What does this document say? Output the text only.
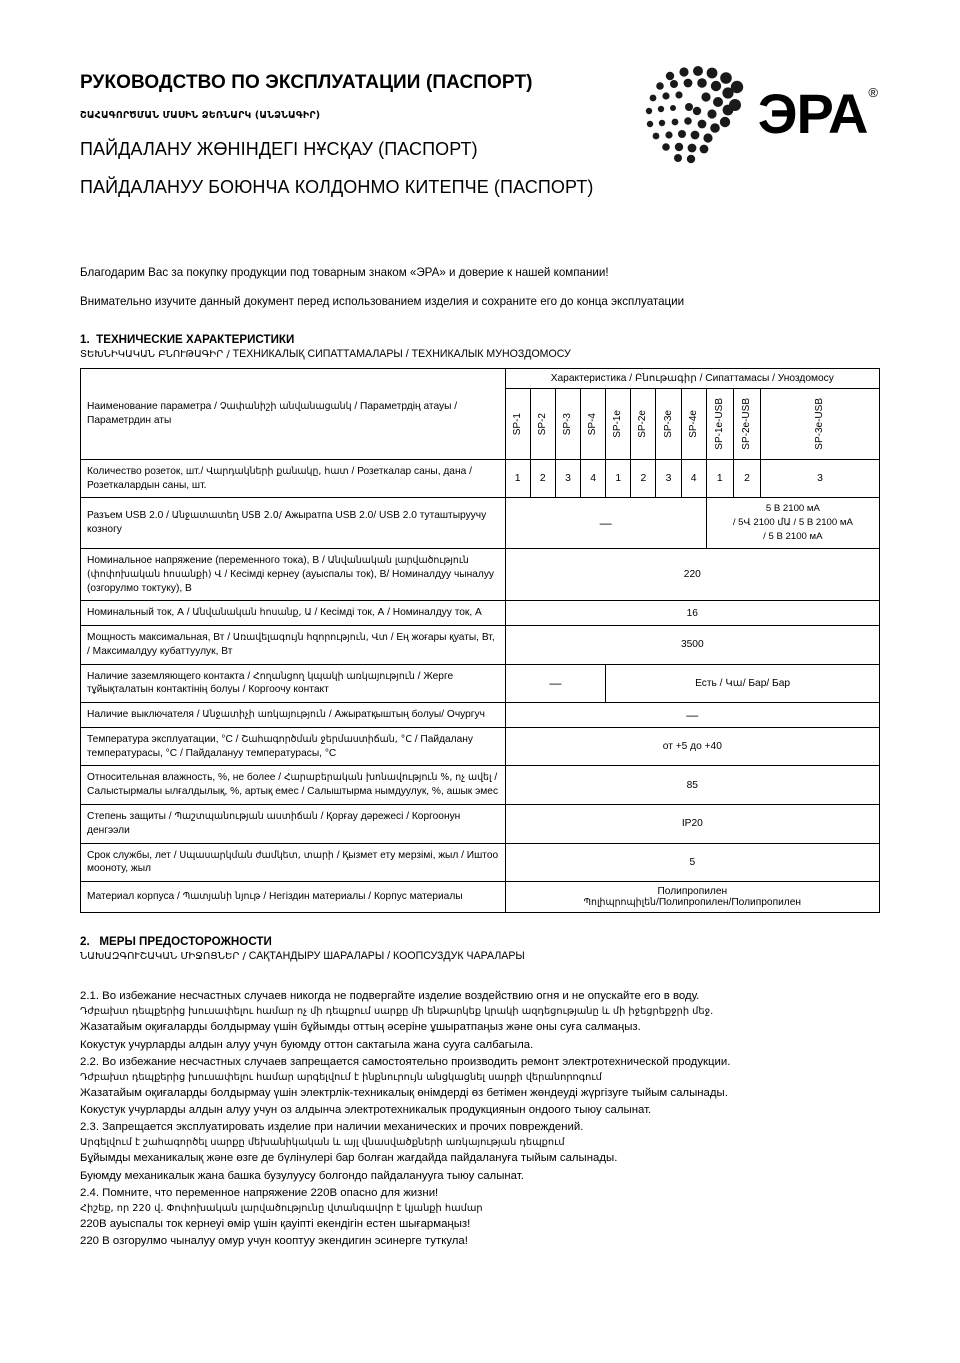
РУКОВОДСТВО ПО ЭКСПЛУАТАЦИИ (ПАСПОРТ)
ՇԱՀԱԳՈՐԾՄԱՆ ՄԱՍԻՆ ՁԵՌՆԱՐԿ (ԱՆՁՆԱԳԻՐ)
ПАЙДАЛАНУ ЖӨНІНДЕГІ НҰСҚАУ (ПАСПОРТ)
ПАЙДАЛАНУУ БОЮНЧА КОЛДОНМО КИТЕПЧЕ (ПАСПОРТ)
ЭРА®

Благодарим Вас за покупку продукции под товарным знаком «ЭРА» и доверие к нашей компании!

Внимательно изучите данный документ перед использованием изделия и сохраните его до конца эксплуатации

1. ТЕХНИЧЕСКИЕ ХАРАКТЕРИСТИКИ
ՏԵԽՆԻԿԱԿԱՆ ԲՆՈՒԹԱԳԻՐ / ТЕХНИКАЛЫҚ СИПАТТАМАЛАРЫ / ТЕХНИКАЛЫК МУНОЗДОМОСУ
Наименование параметра / Չափանիշի անվանացանկ / Параметрдің атауы / Параметрдин аты	Характеристика / Բնութագիր / Сипаттамасы / Уноздомосу										

	SP-1	SP-2	SP-3	SP-4	SP-1e	SP-2e	SP-3e	SP-4e	SP-1e-USB	SP-2e-USB	SP-3e-USB

Количество розеток, шт./ Վարդակների քանակը, հատ / Розеткалар саны, дана / Розеткалардын саны, шт.	1	2	3	4	1	2	3	4	1	2	3
Разъем USB 2.0 / Անջատատեղ USB 2.0/ Ажыратпа USB 2.0/ USB 2.0 туташтыруучу козногу	—								5 В 2100 мА
/ 5Վ 2100 մԱ / 5 B 2100 мА
/ 5 В 2100 мА		

Номинальное напряжение (переменного тока), В / Անվանական լարվածություն (փոփոխական հոսանքի) Վ / Кесімді кернеу (ауыспалы ток), В/ Номиналдуу чыналуу (озгорулмо токтуку), В	220										
Номинальный ток, А / Անվանական հոսանք, Ա / Кесімді ток, А / Номиналдуу ток, А	16										
Мощность максимальная, Вт / Առավելագույն հզորություն, Վտ / Ең жоғары қуаты, Вт, / Максималдуу кубаттуулук, Вт	3500										
Наличие заземляющего контакта / Հողանցող կպակի առկայություն / Жерге тұйықталатын контактінің болуы / Коргоочу контакт	—				Есть / Կա/ Бар/ Бар						
Наличие выключателя / Անջատիչի առկայություն / Ажыратқыштың болуы/ Очургуч	—										
Температура эксплуатации, °С / Շահագործման ջերմաստիճան, °С / Пайдалану температурасы, °С / Пайдалануу температурасы, °С	от +5 до +40										
Относительная влажность, %, не более / Հարաբերական խոնավություն %, ոչ ավել / Салыстырмалы ылғалдылық, %, артық емес / Салыштырма нымдуулук, %, ашык эмес	85										
Степень защиты / Պաշտպանության աստիճան / Қорғау дәрежесі / Коргоонун денгээли	IP20										
Срок службы, лет / Սպասարկման ժամկետ, տարի / Қызмет ету мерзімі, жыл / Иштоо мооноту, жыл	5										
Материал корпуса / Պատյանի նյութ / Негіздин материалы / Корпус материалы	Полипропилен
Պոլիպրոպիլեն/Полипропилен/Полипропилен										
2. МЕРЫ ПРЕДОСТОРОЖНОСТИ
ՆԱԽԱԶԳՈՒՇԱԿԱՆ ՄԻՋՈՑՆԵՐ / САҚТАНДЫРУ ШАРАЛАРЫ / КООПСУЗДУК ЧАРАЛАРЫ

2.1. Во избежание несчастных случаев никогда не подвергайте изделие воздействию огня и не опускайте его в воду.

Դժբախտ դեպքերից խուսափելու համար ոչ մի դեպքում սարքը մի ենթարկեք կրակի ազդեցությանը և մի իջեցրեքջրի մեջ.

Жазатайым оқиғаларды болдырмау үшін бұйымды оттың әсеріне ұшыратпаңыз және оны суға салмаңыз.

Кокустук учурларды алдын алуу учун буюмду оттон сактагыла жана сууга салбагыла.

2.2. Во избежание несчастных случаев запрещается самостоятельно производить ремонт электротехнической продукции.

Դժբախտ դեպքերից խուսափելու համար արգելվում է ինքնուրույն անցկացնել սարքի վերանորոգում

Жазатайым оқиғаларды болдырмау үшін электрлік-техникалық өнімдерді өз бетімен жөндеуді жүргізуге тыйым салынады.

Кокустук учурларды алдын алуу учун оз алдынча электротехникалык продукциянын ондоого тыюу салынат.

2.3. Запрещается эксплуатировать изделие при наличии механических и прочих повреждений.

Արգելվում է շահագործել սարքը մեխանիկական և այլ վնասվածքների առկայության դեպքում

Бұйымды механикалық және өзге де бүлінулері бар болған жағдайда пайдалануға тыйым салынады.

Буюмду механикалык жана башка бузулуусу болгондо пайдаланууга тыюу салынат.

2.4. Помните, что переменное напряжение 220В опасно для жизни!

Հիշեք, որ 220 վ. Փոփոխական լարվածությունը վտանգավոր է կյանքի համար

220В ауыспалы ток кернеуі өмір үшін қауіпті екендігін естен шығармаңыз!

220 В озгорулмо чыналуу омур учун кооптуу экендигин эсинерге туткула!
